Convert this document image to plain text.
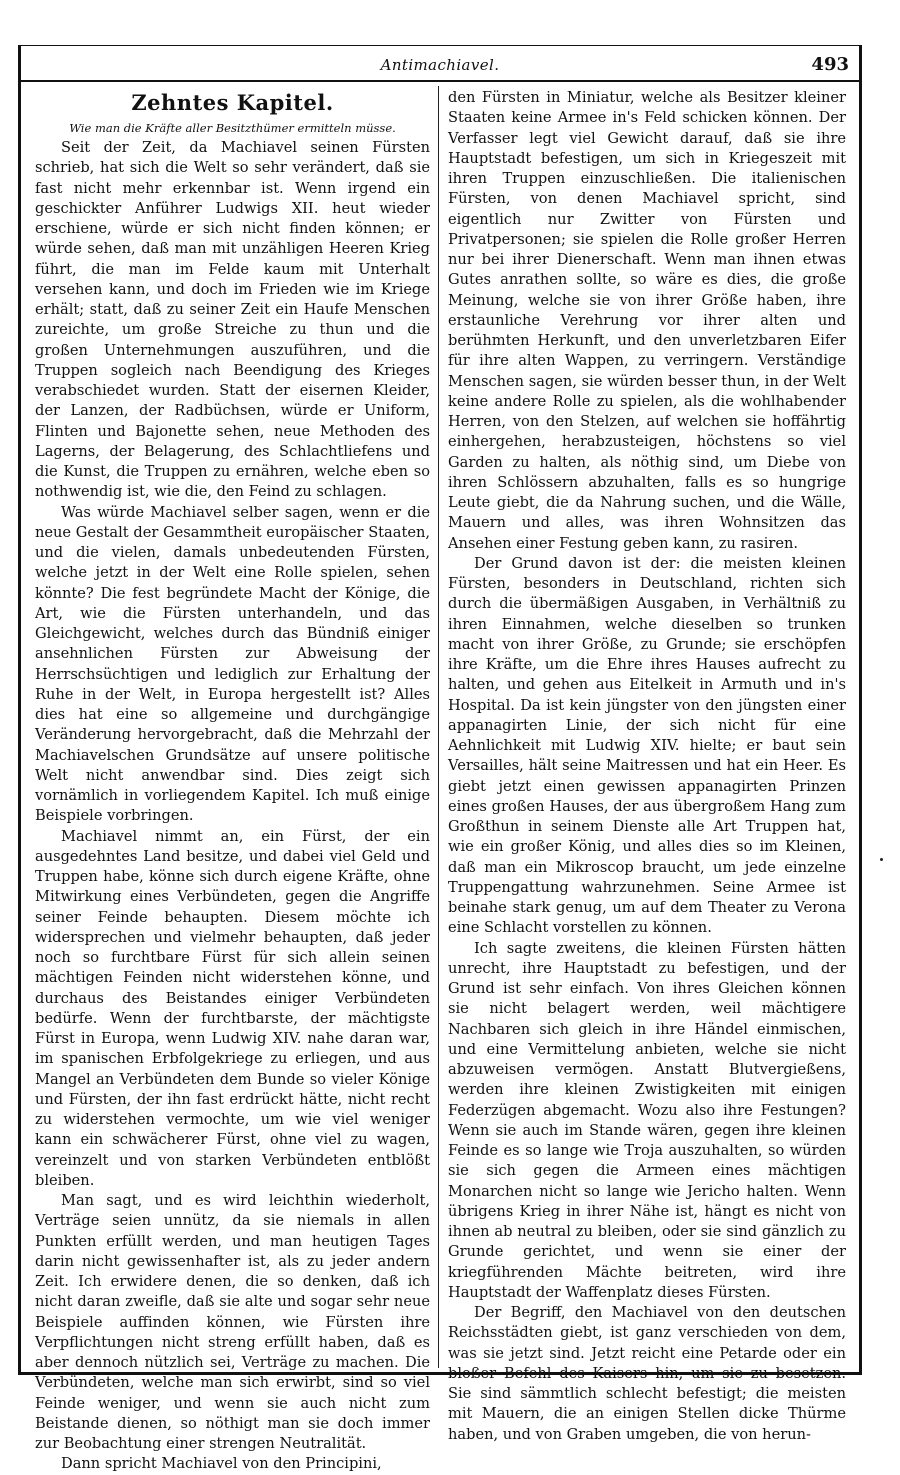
Antimachiavel.	493
Zehntes Kapitel.
Wie man die Kräfte aller Besitzthümer ermitteln müsse.

Seit der Zeit, da Machiavel seinen Fürsten schrieb, hat sich die Welt so sehr verändert, daß sie fast nicht mehr erkennbar ist. Wenn irgend ein geschickter Anführer Ludwigs XII. heut wieder erschiene, würde er sich nicht finden können; er würde sehen, daß man mit unzähligen Heeren Krieg führt, die man im Felde kaum mit Unterhalt versehen kann, und doch im Frieden wie im Kriege erhält; statt, daß zu seiner Zeit ein Haufe Menschen zureichte, um große Streiche zu thun und die großen Unternehmungen auszuführen, und die Truppen sogleich nach Beendigung des Krieges verabschiedet wurden. Statt der eisernen Kleider, der Lanzen, der Radbüchsen, würde er Uniform, Flinten und Bajonette sehen, neue Methoden des Lagerns, der Belagerung, des Schlachtliefens und die Kunst, die Truppen zu ernähren, welche eben so nothwendig ist, wie die, den Feind zu schlagen.

Was würde Machiavel selber sagen, wenn er die neue Gestalt der Gesammtheit europäischer Staaten, und die vielen, damals unbedeutenden Fürsten, welche jetzt in der Welt eine Rolle spielen, sehen könnte? Die fest begründete Macht der Könige, die Art, wie die Fürsten unterhandeln, und das Gleichgewicht, welches durch das Bündniß einiger ansehnlichen Fürsten zur Abweisung der Herrschsüchtigen und lediglich zur Erhaltung der Ruhe in der Welt, in Europa hergestellt ist? Alles dies hat eine so allgemeine und durchgängige Veränderung hervorgebracht, daß die Mehrzahl der Machiavelschen Grundsätze auf unsere politische Welt nicht anwendbar sind. Dies zeigt sich vornämlich in vorliegendem Kapitel. Ich muß einige Beispiele vorbringen.

Machiavel nimmt an, ein Fürst, der ein ausgedehntes Land besitze, und dabei viel Geld und Truppen habe, könne sich durch eigene Kräfte, ohne Mitwirkung eines Verbündeten, gegen die Angriffe seiner Feinde behaupten. Diesem möchte ich widersprechen und vielmehr behaupten, daß jeder noch so furchtbare Fürst für sich allein seinen mächtigen Feinden nicht widerstehen könne, und durchaus des Beistandes einiger Verbündeten bedürfe. Wenn der furchtbarste, der mächtigste Fürst in Europa, wenn Ludwig XIV. nahe daran war, im spanischen Erbfolgekriege zu erliegen, und aus Mangel an Verbündeten dem Bunde so vieler Könige und Fürsten, der ihn fast erdrückt hätte, nicht recht zu widerstehen vermochte, um wie viel weniger kann ein schwächerer Fürst, ohne viel zu wagen, vereinzelt und von starken Verbündeten entblößt bleiben.

Man sagt, und es wird leichthin wiederholt, Verträge seien unnütz, da sie niemals in allen Punkten erfüllt werden, und man heutigen Tages darin nicht gewissenhafter ist, als zu jeder andern Zeit. Ich erwidere denen, die so denken, daß ich nicht daran zweifle, daß sie alte und sogar sehr neue Beispiele auffinden können, wie Fürsten ihre Verpflichtungen nicht streng erfüllt haben, daß es aber dennoch nützlich sei, Verträge zu machen. Die Verbündeten, welche man sich erwirbt, sind so viel Feinde weniger, und wenn sie auch nicht zum Beistande dienen, so nöthigt man sie doch immer zur Beobachtung einer strengen Neutralität.

Dann spricht Machiavel von den Principini,

den Fürsten in Miniatur, welche als Besitzer kleiner Staaten keine Armee in's Feld schicken können. Der Verfasser legt viel Gewicht darauf, daß sie ihre Hauptstadt befestigen, um sich in Kriegeszeit mit ihren Truppen einzuschließen. Die italienischen Fürsten, von denen Machiavel spricht, sind eigentlich nur Zwitter von Fürsten und Privatpersonen; sie spielen die Rolle großer Herren nur bei ihrer Dienerschaft. Wenn man ihnen etwas Gutes anrathen sollte, so wäre es dies, die große Meinung, welche sie von ihrer Größe haben, ihre erstaunliche Verehrung vor ihrer alten und berühmten Herkunft, und den unverletzbaren Eifer für ihre alten Wappen, zu verringern. Verständige Menschen sagen, sie würden besser thun, in der Welt keine andere Rolle zu spielen, als die wohlhabender Herren, von den Stelzen, auf welchen sie hoffährtig einhergehen, herabzusteigen, höchstens so viel Garden zu halten, als nöthig sind, um Diebe von ihren Schlössern abzuhalten, falls es so hungrige Leute giebt, die da Nahrung suchen, und die Wälle, Mauern und alles, was ihren Wohnsitzen das Ansehen einer Festung geben kann, zu rasiren.

Der Grund davon ist der: die meisten kleinen Fürsten, besonders in Deutschland, richten sich durch die übermäßigen Ausgaben, in Verhältniß zu ihren Einnahmen, welche dieselben so trunken macht von ihrer Größe, zu Grunde; sie erschöpfen ihre Kräfte, um die Ehre ihres Hauses aufrecht zu halten, und gehen aus Eitelkeit in Armuth und in's Hospital. Da ist kein jüngster von den jüngsten einer appanagirten Linie, der sich nicht für eine Aehnlichkeit mit Ludwig XIV. hielte; er baut sein Versailles, hält seine Maitressen und hat ein Heer. Es giebt jetzt einen gewissen appanagirten Prinzen eines großen Hauses, der aus übergroßem Hang zum Großthun in seinem Dienste alle Art Truppen hat, wie ein großer König, und alles dies so im Kleinen, daß man ein Mikroscop braucht, um jede einzelne Truppengattung wahrzunehmen. Seine Armee ist beinahe stark genug, um auf dem Theater zu Verona eine Schlacht vorstellen zu können.

Ich sagte zweitens, die kleinen Fürsten hätten unrecht, ihre Hauptstadt zu befestigen, und der Grund ist sehr einfach. Von ihres Gleichen können sie nicht belagert werden, weil mächtigere Nachbaren sich gleich in ihre Händel einmischen, und eine Vermittelung anbieten, welche sie nicht abzuweisen vermögen. Anstatt Blutvergießens, werden ihre kleinen Zwistigkeiten mit einigen Federzügen abgemacht. Wozu also ihre Festungen? Wenn sie auch im Stande wären, gegen ihre kleinen Feinde es so lange wie Troja auszuhalten, so würden sie sich gegen die Armeen eines mächtigen Monarchen nicht so lange wie Jericho halten. Wenn übrigens Krieg in ihrer Nähe ist, hängt es nicht von ihnen ab neutral zu bleiben, oder sie sind gänzlich zu Grunde gerichtet, und wenn sie einer der kriegführenden Mächte beitreten, wird ihre Hauptstadt der Waffenplatz dieses Fürsten.

Der Begriff, den Machiavel von den deutschen Reichsstädten giebt, ist ganz verschieden von dem, was sie jetzt sind. Jetzt reicht eine Petarde oder ein bloßer Befehl des Kaisers hin, um sie zu besetzen. Sie sind sämmtlich schlecht befestigt; die meisten mit Mauern, die an einigen Stellen dicke Thürme haben, und von Graben umgeben, die von herun-
